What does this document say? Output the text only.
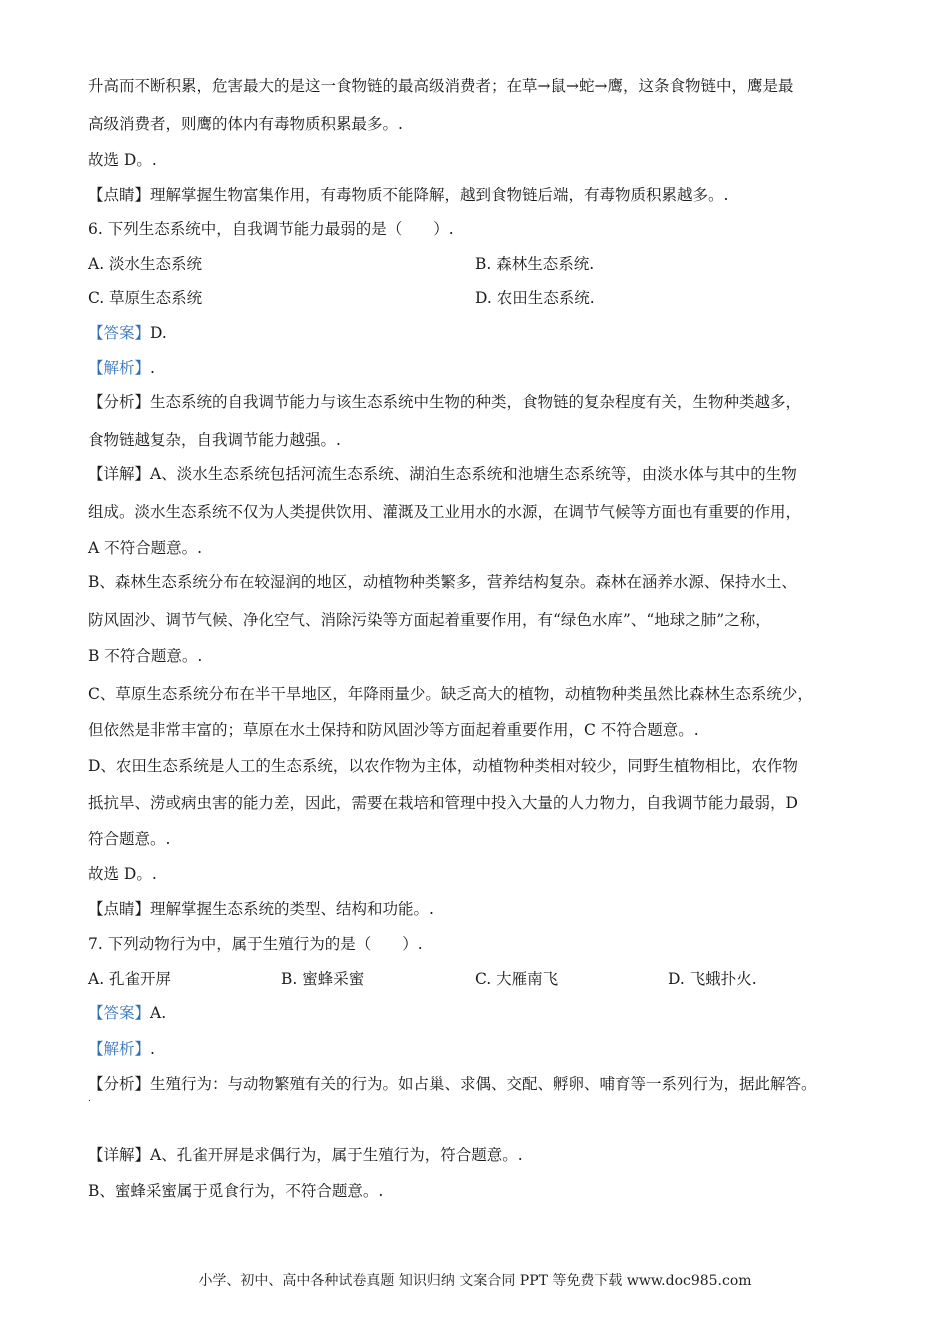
升高而不断积累，危害最大的是这一食物链的最高级消费者；在草→鼠→蛇→鹰，这条食物链中，鹰是最
高级消费者，则鹰的体内有毒物质积累最多。.
故选 D。.
【点睛】理解掌握生物富集作用，有毒物质不能降解，越到食物链后端，有毒物质积累越多。.
6. 下列生态系统中，自我调节能力最弱的是（　　）.
A. 淡水生态系统	B. 森林生态系统.
C. 草原生态系统	D. 农田生态系统.
【答案】D.
【解析】.
【分析】生态系统的自我调节能力与该生态系统中生物的种类，食物链的复杂程度有关，生物种类越多，
食物链越复杂，自我调节能力越强。.
【详解】A、淡水生态系统包括河流生态系统、湖泊生态系统和池塘生态系统等，由淡水体与其中的生物
组成。淡水生态系统不仅为人类提供饮用、灌溉及工业用水的水源，在调节气候等方面也有重要的作用，
A 不符合题意。.
B、森林生态系统分布在较湿润的地区，动植物种类繁多，营养结构复杂。森林在涵养水源、保持水土、
防风固沙、调节气候、净化空气、消除污染等方面起着重要作用，有“绿色水库”、“地球之肺”之称，
B 不符合题意。.
C、草原生态系统分布在半干旱地区，年降雨量少。缺乏高大的植物，动植物种类虽然比森林生态系统少，
但依然是非常丰富的；草原在水土保持和防风固沙等方面起着重要作用，C 不符合题意。.
D、农田生态系统是人工的生态系统，以农作物为主体，动植物种类相对较少，同野生植物相比，农作物
抵抗旱、涝或病虫害的能力差，因此，需要在栽培和管理中投入大量的人力物力，自我调节能力最弱，D
符合题意。.
故选 D。.
【点睛】理解掌握生态系统的类型、结构和功能。.
7. 下列动物行为中，属于生殖行为的是（　　）.
A. 孔雀开屏	B. 蜜蜂采蜜	C. 大雁南飞	D. 飞蛾扑火.
【答案】A.
【解析】.
【分析】生殖行为：与动物繁殖有关的行为。如占巢、求偶、交配、孵卵、哺育等一系列行为，据此解答。
.
【详解】A、孔雀开屏是求偶行为，属于生殖行为，符合题意。.
B、蜜蜂采蜜属于觅食行为，不符合题意。.
小学、初中、高中各种试卷真题 知识归纳 文案合同 PPT 等免费下载 www.doc985.com
